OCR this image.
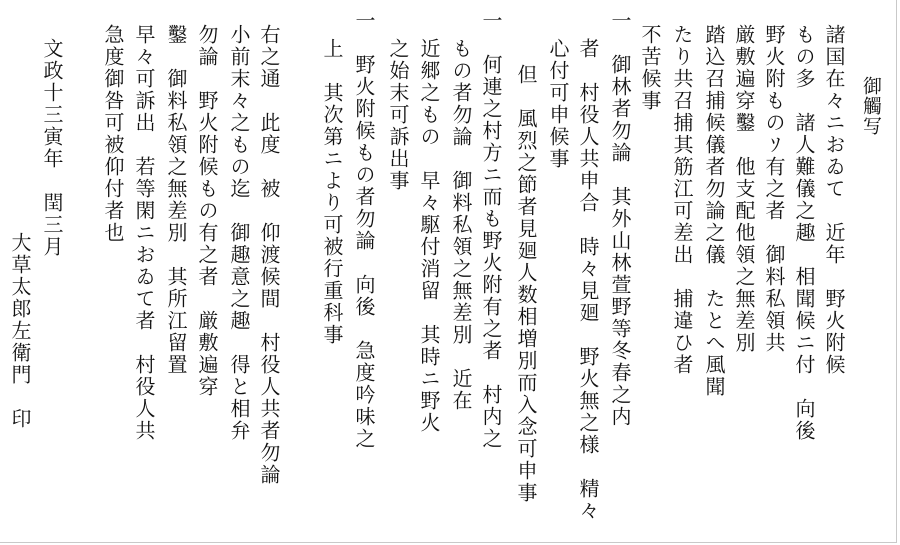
御觸写
諸国在々ニおゐて　近年　野火附候
もの多　諸人難儀之趣　相聞候ニ付　向後
野火附ものｿ有之者　御料私領共
厳敷遍穿鑿　他支配他領之無差別
踏込召捕候儀者勿論之儀　たとへ風聞
たり共召捕其筋江可差出　捕違ひ者
不苦候事
一　御林者勿論　其外山林萱野等冬春之内
者　村役人共申合　時々見廻　野火無之様　精々
心付可申候事
但　風烈之節者見廻人数相増別而入念可申事
一　何連之村方ニ而も野火附有之者　村内之
もの者勿論　御料私領之無差別　近在
近郷之もの　早々駆付消留　其時ニ野火
之始末可訴出事
一　野火附候もの者勿論　向後　急度吟味之
上　其次第ニより可被行重科事
右之通　此度　被　仰渡候間　村役人共者勿論
小前末々之もの迄　御趣意之趣　得と相弁
勿論　野火附候もの有之者　厳敷遍穿
鑿　御料私領之無差別　其所江留置
早々可訴出　若等閑ニおゐて者　村役人共
急度御咎可被仰付者也
文政十三寅年　閏三月
大草太郎左衛門　印
